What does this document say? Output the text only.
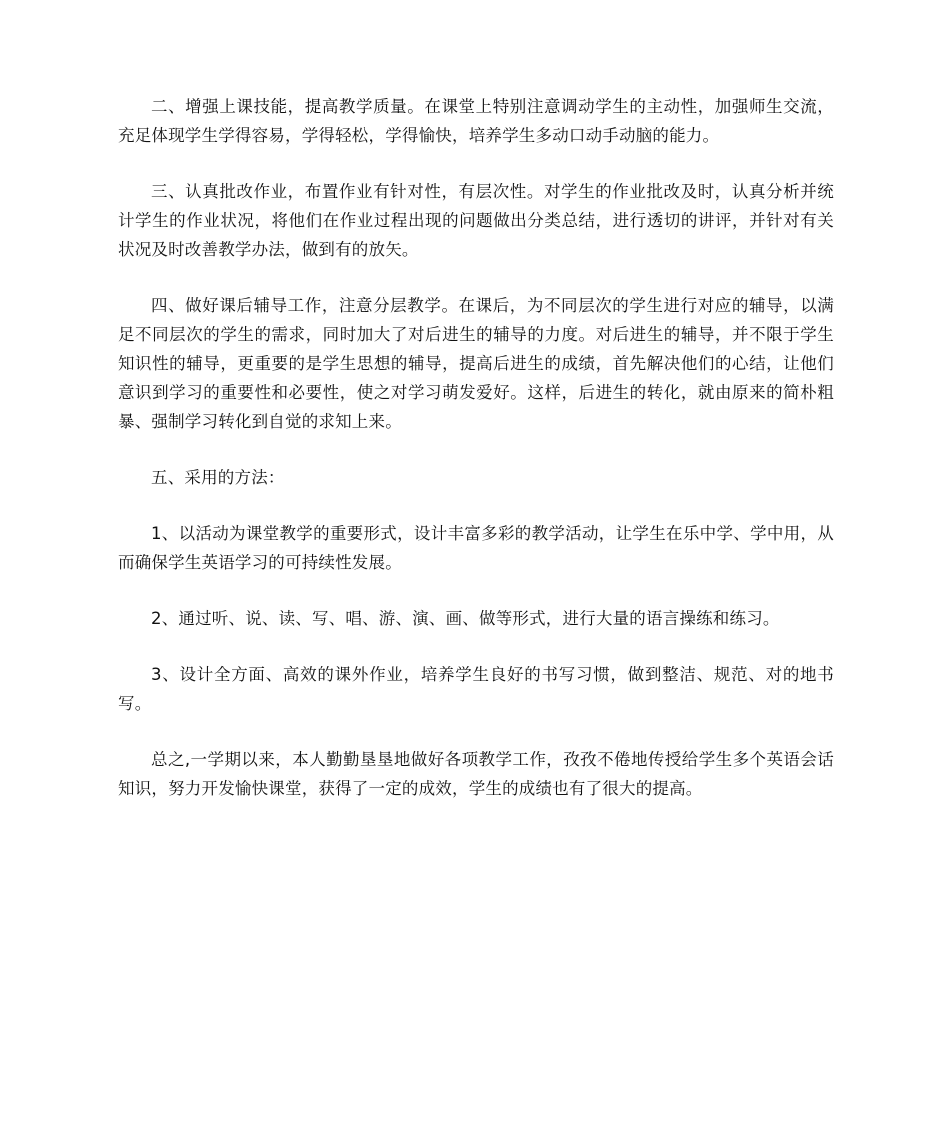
二、增强上课技能，提高教学质量。在课堂上特别注意调动学生的主动性，加强师生交流，充足体现学生学得容易，学得轻松，学得愉快，培养学生多动口动手动脑的能力。

三、认真批改作业，布置作业有针对性，有层次性。对学生的作业批改及时，认真分析并统计学生的作业状况，将他们在作业过程出现的问题做出分类总结，进行透切的讲评，并针对有关状况及时改善教学办法，做到有的放矢。

四、做好课后辅导工作，注意分层教学。在课后，为不同层次的学生进行对应的辅导，以满足不同层次的学生的需求，同时加大了对后进生的辅导的力度。对后进生的辅导，并不限于学生知识性的辅导，更重要的是学生思想的辅导，提高后进生的成绩，首先解决他们的心结，让他们意识到学习的重要性和必要性，使之对学习萌发爱好。这样，后进生的转化，就由原来的简朴粗暴、强制学习转化到自觉的求知上来。

五、采用的方法：

1、以活动为课堂教学的重要形式，设计丰富多彩的教学活动，让学生在乐中学、学中用，从而确保学生英语学习的可持续性发展。

2、通过听、说、读、写、唱、游、演、画、做等形式，进行大量的语言操练和练习。

3、设计全方面、高效的课外作业，培养学生良好的书写习惯，做到整洁、规范、对的地书写。

总之,一学期以来，本人勤勤垦垦地做好各项教学工作，孜孜不倦地传授给学生多个英语会话知识，努力开发愉快课堂，获得了一定的成效，学生的成绩也有了很大的提高。
